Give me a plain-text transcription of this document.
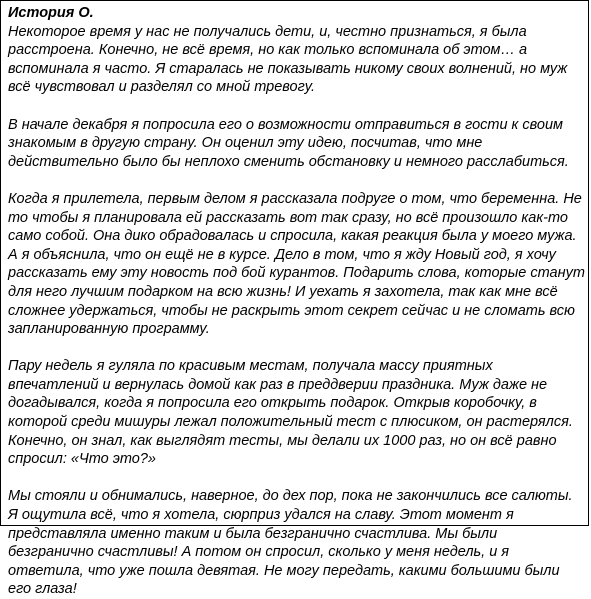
История О.

Некоторое время у нас не получались дети, и, честно признаться, я была расстроена. Конечно, не всё время, но как только вспоминала об этом… а вспоминала я часто. Я старалась не показывать никому своих волнений, но муж всё чувствовал и разделял со мной тревогу.

В начале декабря я попросила его о возможности отправиться в гости к своим знакомым в другую страну. Он оценил эту идею, посчитав, что мне действительно было бы неплохо сменить обстановку и немного расслабиться.

Когда я прилетела, первым делом я рассказала подруге о том, что беременна. Не то чтобы я планировала ей рассказать вот так сразу, но всё произошло как-то само собой. Она дико обрадовалась и спросила, какая реакция была у моего мужа. А я объяснила, что он ещё не в курсе. Дело в том, что я жду Новый год, я хочу рассказать ему эту новость под бой курантов. Подарить слова, которые станут для него лучшим подарком на всю жизнь! И уехать я захотела, так как мне всё сложнее удержаться, чтобы не раскрыть этот секрет сейчас и не сломать всю запланированную программу.

Пару недель я гуляла по красивым местам, получала массу приятных впечатлений и вернулась домой как раз в преддверии праздника. Муж даже не догадывался, когда я попросила его открыть подарок. Открыв коробочку, в которой среди мишуры лежал положительный тест с плюсиком, он растерялся. Конечно, он знал, как выглядят тесты, мы делали их 1000 раз, но он всё равно спросил: «Что это?»

Мы стояли и обнимались, наверное, до дех пор, пока не закончились все салюты. Я ощутила всё, что я хотела, сюрприз удался на славу. Этот момент я представляла именно таким и была безгранично счастлива. Мы были безгранично счастливы! А потом он спросил, сколько у меня недель, и я ответила, что уже пошла девятая. Не могу передать, какими большими были его глаза!
